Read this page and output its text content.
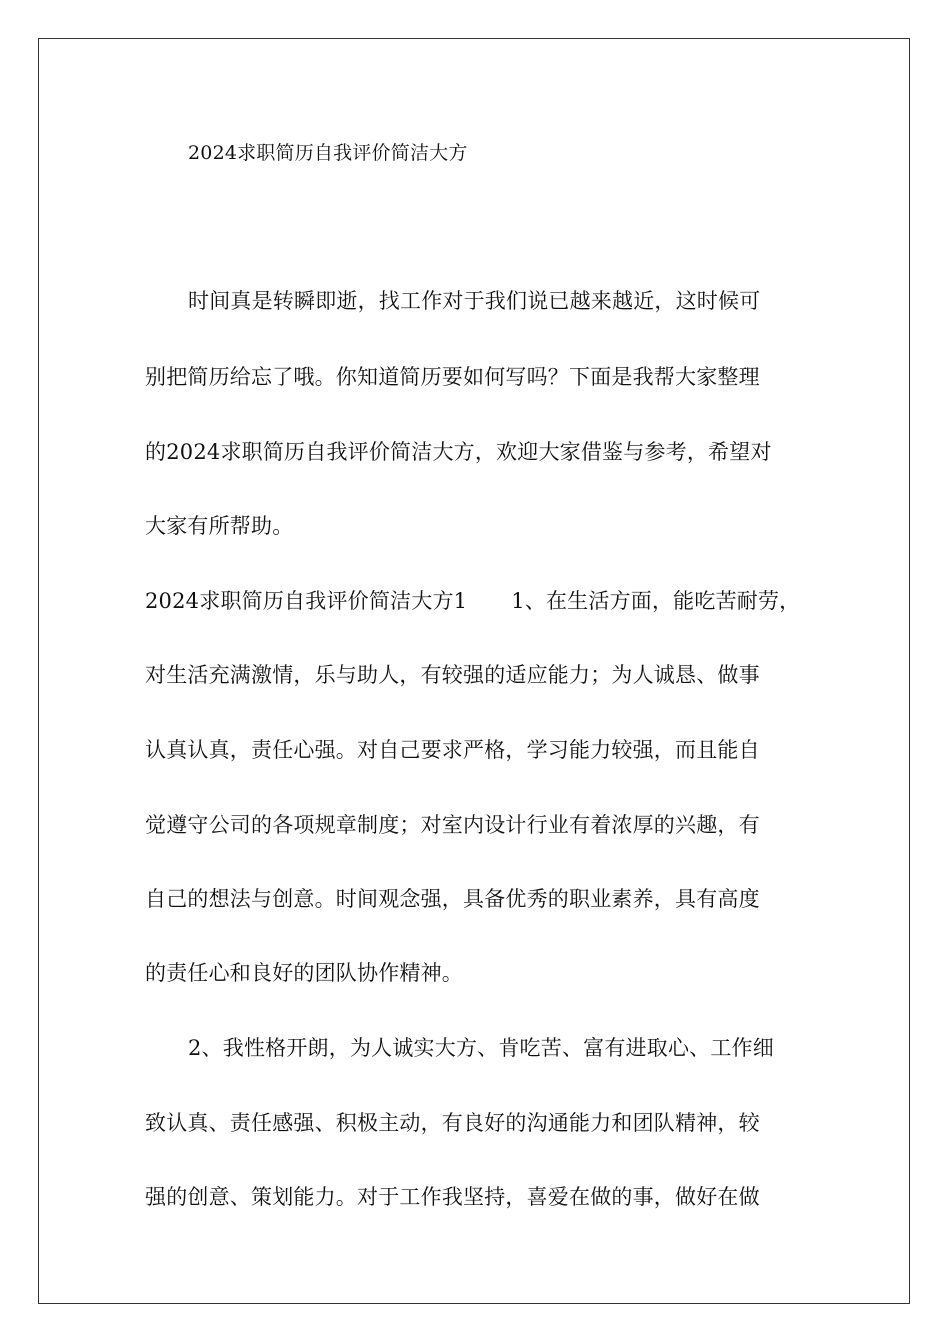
2024求职简历自我评价简洁大方
时间真是转瞬即逝，找工作对于我们说已越来越近，这时候可
别把简历给忘了哦。你知道简历要如何写吗？下面是我帮大家整理
的2024求职简历自我评价简洁大方，欢迎大家借鉴与参考，希望对
大家有所帮助。
2024求职简历自我评价简洁大方1 1、在生活方面，能吃苦耐劳，
对生活充满激情，乐与助人，有较强的适应能力；为人诚恳、做事
认真认真，责任心强。对自己要求严格，学习能力较强，而且能自
觉遵守公司的各项规章制度；对室内设计行业有着浓厚的兴趣，有
自己的想法与创意。时间观念强，具备优秀的职业素养，具有高度
的责任心和良好的团队协作精神。
2、我性格开朗，为人诚实大方、肯吃苦、富有进取心、工作细
致认真、责任感强、积极主动，有良好的沟通能力和团队精神，较
强的创意、策划能力。对于工作我坚持，喜爱在做的事，做好在做
